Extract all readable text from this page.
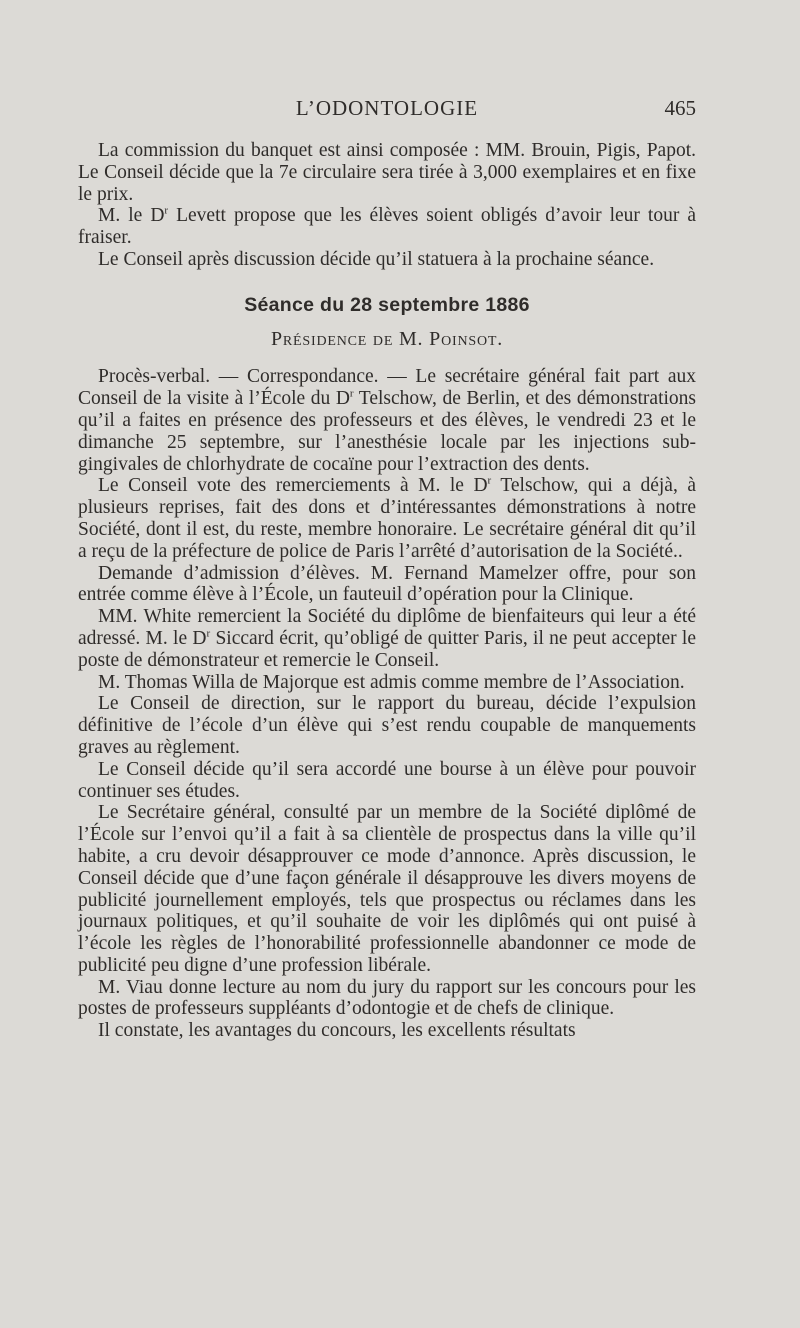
L’ODONTOLOGIE	465

La commission du banquet est ainsi composée : MM. Brouin, Pigis, Papot. Le Conseil décide que la 7e circulaire sera tirée à 3,000 exemplaires et en fixe le prix.

M. le $D^r$ Levett propose que les élèves soient obligés d’avoir leur tour à fraiser.

Le Conseil après discussion décide qu’il statuera à la prochaine séance.

Séance du 28 septembre 1886
Présidence de M. Poinsot.

Procès-verbal. — Correspondance. — Le secrétaire général fait part aux Conseil de la visite à l’École du $D^r$ Telschow, de Berlin, et des démonstrations qu’il a faites en présence des professeurs et des élèves, le vendredi 23 et le dimanche 25 septembre, sur l’anesthésie locale par les injections sub-gingivales de chlorhydrate de cocaïne pour l’extraction des dents.

Le Conseil vote des remerciements à M. le $D^r$ Telschow, qui a déjà, à plusieurs reprises, fait des dons et d’intéressantes démonstrations à notre Société, dont il est, du reste, membre honoraire. Le secrétaire général dit qu’il a reçu de la préfecture de police de Paris l’arrêté d’autorisation de la Société..

Demande d’admission d’élèves. M. Fernand Mamelzer offre, pour son entrée comme élève à l’École, un fauteuil d’opération pour la Clinique.

MM. White remercient la Société du diplôme de bienfaiteurs qui leur a été adressé. M. le $D^r$ Siccard écrit, qu’obligé de quitter Paris, il ne peut accepter le poste de démonstrateur et remercie le Conseil.

M. Thomas Willa de Majorque est admis comme membre de l’Association.

Le Conseil de direction, sur le rapport du bureau, décide l’expulsion définitive de l’école d’un élève qui s’est rendu coupable de manquements graves au règlement.

Le Conseil décide qu’il sera accordé une bourse à un élève pour pouvoir continuer ses études.

Le Secrétaire général, consulté par un membre de la Société diplômé de l’École sur l’envoi qu’il a fait à sa clientèle de prospectus dans la ville qu’il habite, a cru devoir désapprouver ce mode d’annonce. Après discussion, le Conseil décide que d’une façon générale il désapprouve les divers moyens de publicité journellement employés, tels que prospectus ou réclames dans les journaux politiques, et qu’il souhaite de voir les diplômés qui ont puisé à l’école les règles de l’honorabilité professionnelle abandonner ce mode de publicité peu digne d’une profession libérale.

M. Viau donne lecture au nom du jury du rapport sur les concours pour les postes de professeurs suppléants d’odontogie et de chefs de clinique.

Il constate, les avantages du concours, les excellents résultats
